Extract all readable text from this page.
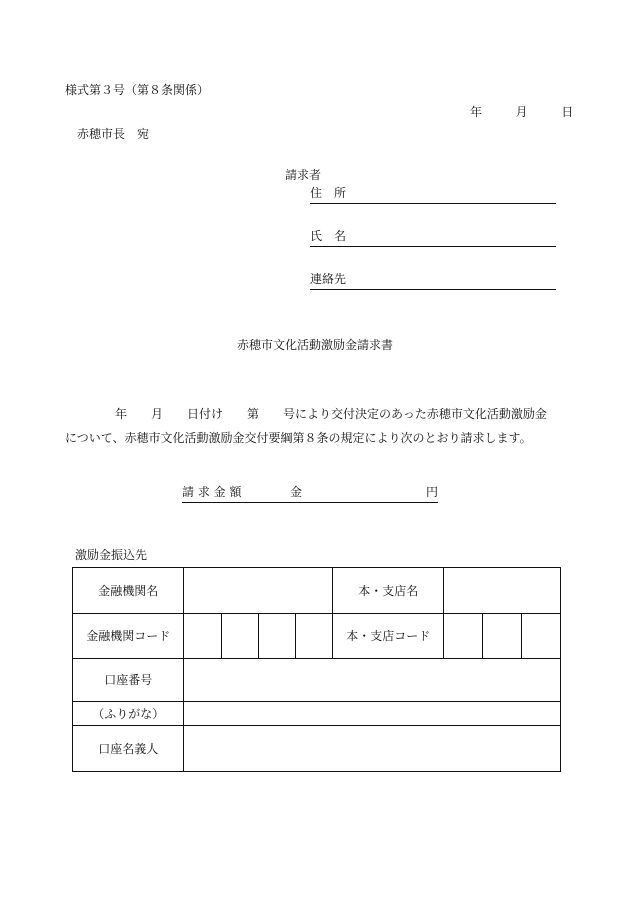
様式第３号（第８条関係）
年	月	日
赤穂市長　宛
請求者
住　所
氏　名
連絡先
赤穂市文化活動激励金請求書
年　　月　　日付け　　第　　号により交付決定のあった赤穂市文化活動激励金
について、赤穂市文化活動激励金交付要綱第８条の規定により次のとおり請求します。
請 求 金 額	金	円
激励金振込先
金融機関名					本・支店名			
金融機関コード					本・支店コード			
口座番号								
（ふりがな）								
口座名義人								
